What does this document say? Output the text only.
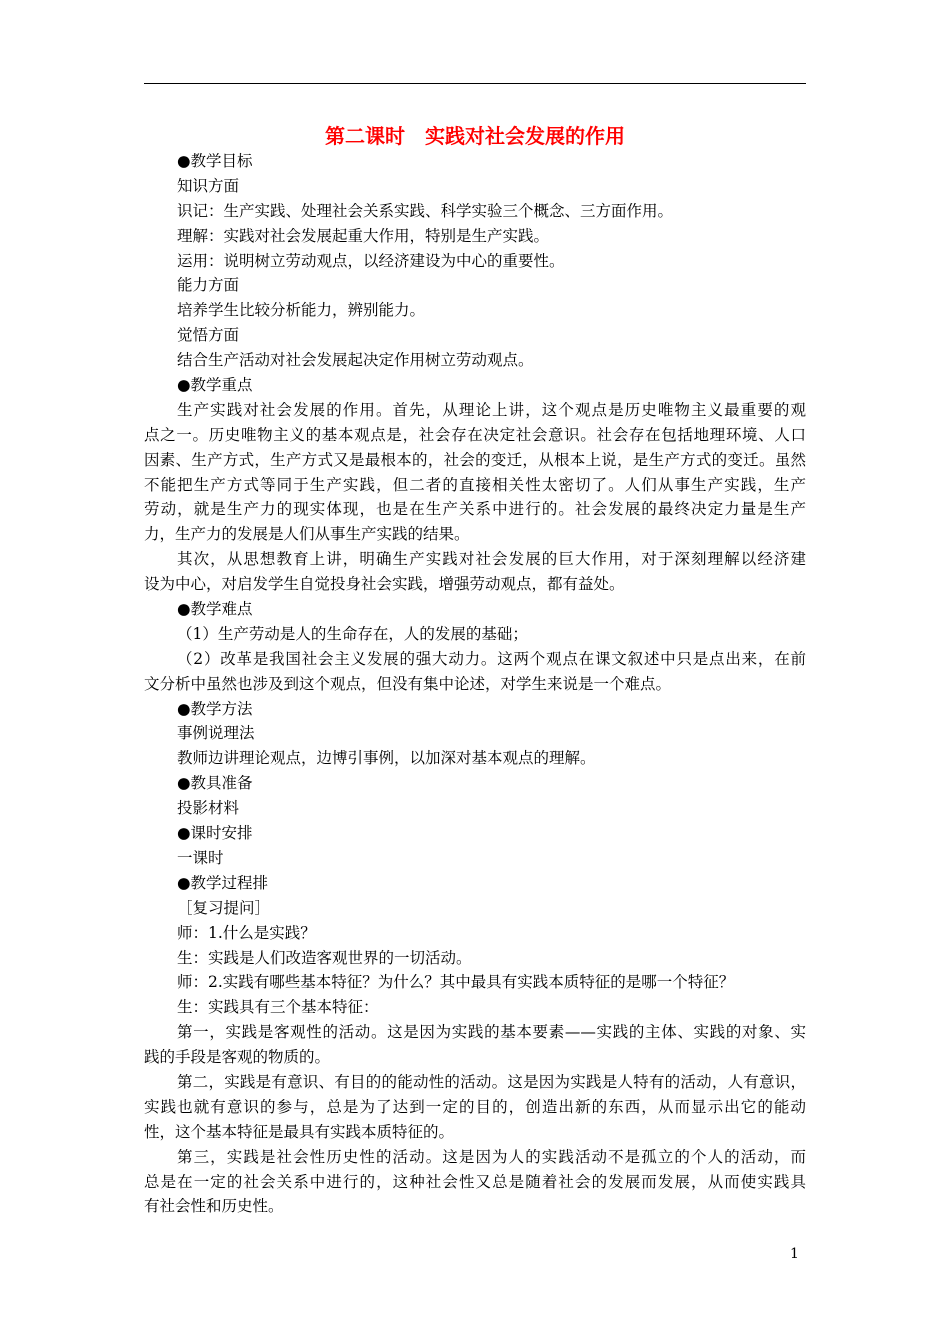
第二课时　实践对社会发展的作用
●教学目标
知识方面
识记：生产实践、处理社会关系实践、科学实验三个概念、三方面作用。
理解：实践对社会发展起重大作用，特别是生产实践。
运用：说明树立劳动观点，以经济建设为中心的重要性。
能力方面
培养学生比较分析能力，辨别能力。
觉悟方面
结合生产活动对社会发展起决定作用树立劳动观点。
●教学重点
生产实践对社会发展的作用。首先，从理论上讲，这个观点是历史唯物主义最重要的观
点之一。历史唯物主义的基本观点是，社会存在决定社会意识。社会存在包括地理环境、人口
因素、生产方式，生产方式又是最根本的，社会的变迁，从根本上说，是生产方式的变迁。虽然
不能把生产方式等同于生产实践，但二者的直接相关性太密切了。人们从事生产实践，生产
劳动，就是生产力的现实体现，也是在生产关系中进行的。社会发展的最终决定力量是生产
力，生产力的发展是人们从事生产实践的结果。
其次，从思想教育上讲，明确生产实践对社会发展的巨大作用，对于深刻理解以经济建
设为中心，对启发学生自觉投身社会实践，增强劳动观点，都有益处。
●教学难点
（1）生产劳动是人的生命存在，人的发展的基础；
（2）改革是我国社会主义发展的强大动力。这两个观点在课文叙述中只是点出来，在前
文分析中虽然也涉及到这个观点，但没有集中论述，对学生来说是一个难点。
●教学方法
事例说理法
教师边讲理论观点，边博引事例，以加深对基本观点的理解。
●教具准备
投影材料
●课时安排
一课时
●教学过程排
［复习提问］
师：1.什么是实践？
生：实践是人们改造客观世界的一切活动。
师：2.实践有哪些基本特征？为什么？其中最具有实践本质特征的是哪一个特征？
生：实践具有三个基本特征：
第一，实践是客观性的活动。这是因为实践的基本要素——实践的主体、实践的对象、实
践的手段是客观的物质的。
第二，实践是有意识、有目的的能动性的活动。这是因为实践是人特有的活动，人有意识，
实践也就有意识的参与，总是为了达到一定的目的，创造出新的东西，从而显示出它的能动
性，这个基本特征是最具有实践本质特征的。
第三，实践是社会性历史性的活动。这是因为人的实践活动不是孤立的个人的活动，而
总是在一定的社会关系中进行的，这种社会性又总是随着社会的发展而发展，从而使实践具
有社会性和历史性。
1
